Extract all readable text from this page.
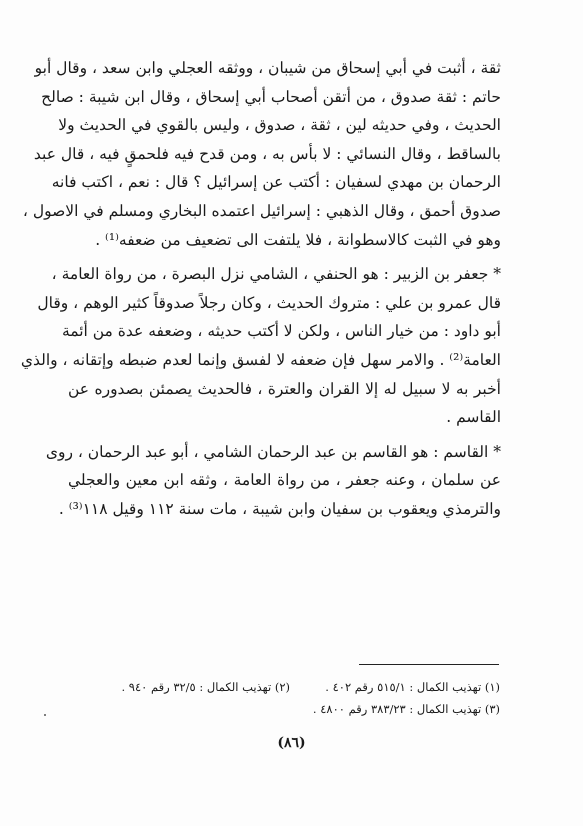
ثقة ، أثبت في أبي إسحاق من شيبان ، ووثقه العجلي وابن سعد ، وقال أبو
حاتم : ثقة صدوق ، من أتقن أصحاب أبي إسحاق ، وقال ابن شيبة : صالح
الحديث ، وفي حديثه لين ، ثقة ، صدوق ، وليس بالقوي في الحديث ولا
بالساقط ، وقال النسائي : لا بأس به ، ومن قدح فيه فلحمقٍ فيه ، قال عبد
الرحمان بن مهدي لسفيان : أكتب عن إسرائيل ؟ قال : نعم ، اكتب فانه
صدوق أحمق ، وقال الذهبي : إسرائيل اعتمده البخاري ومسلم في الاصول ،
وهو في الثبت كالاسطوانة ، فلا يلتفت الى تضعيف من ضعفه⁽¹⁾ .

* جعفر بن الزبير : هو الحنفي ، الشامي نزل البصرة ، من رواة العامة ،
قال عمرو بن علي : متروك الحديث ، وكان رجلاً صدوقاً كثير الوهم ، وقال
أبو داود : من خيار الناس ، ولكن لا أكتب حديثه ، وضعفه عدة من أئمة
العامة⁽²⁾ . والامر سهل فإن ضعفه لا لفسق وإنما لعدم ضبطه وإتقانه ، والذي
أخبر به لا سبيل له إلا القران والعترة ، فالحديث يصمئن بصدوره عن
القاسم .

* القاسم : هو القاسم بن عبد الرحمان الشامي ، أبو عبد الرحمان ، روى
عن سلمان ، وعنه جعفر ، من رواة العامة ، وثقه ابن معين والعجلي
والترمذي ويعقوب بن سفيان وابن شيبة ، مات سنة ١١٢ وقيل ١١٨⁽³⁾ .

(١) تهذيب الكمال : ٥١٥/١ رقم ٤٠٢ .
(٣) تهذيب الكمال : ٣٨٣/٢٣ رقم ٤٨٠٠ .
(٢) تهذيب الكمال : ٣٢/٥ رقم ٩٤٠ .
(٨٦)
